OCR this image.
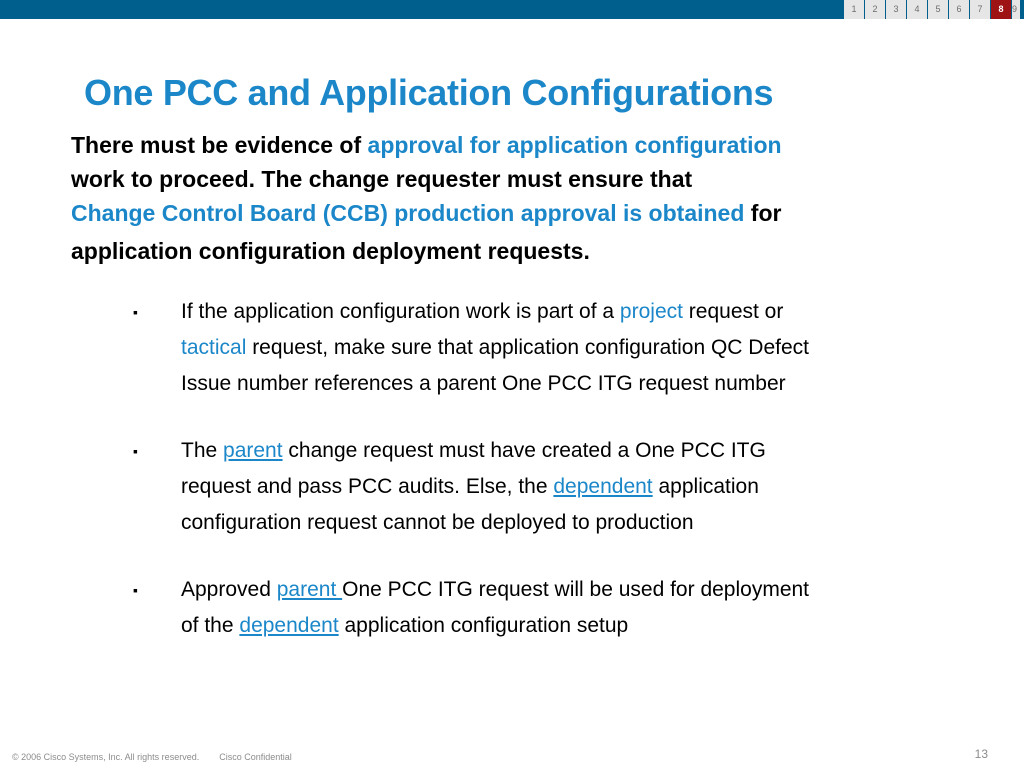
1	2	3	4	5	6	7	8 9
One PCC and Application Configurations
There must be evidence of approval for application configuration
work to proceed. The change requester must ensure that
Change Control Board (CCB) production approval is obtained for
application configuration deployment requests.
▪ If the application configuration work is part of a project request or
tactical request, make sure that application configuration QC Defect
Issue number references a parent One PCC ITG request number
▪ The parent change request must have created a One PCC ITG
request and pass PCC audits. Else, the dependent application
configuration request cannot be deployed to production
▪ Approved parent One PCC ITG request will be used for deployment
of the dependent application configuration setup
© 2006 Cisco Systems, Inc. All rights reserved. Cisco Confidential	13
